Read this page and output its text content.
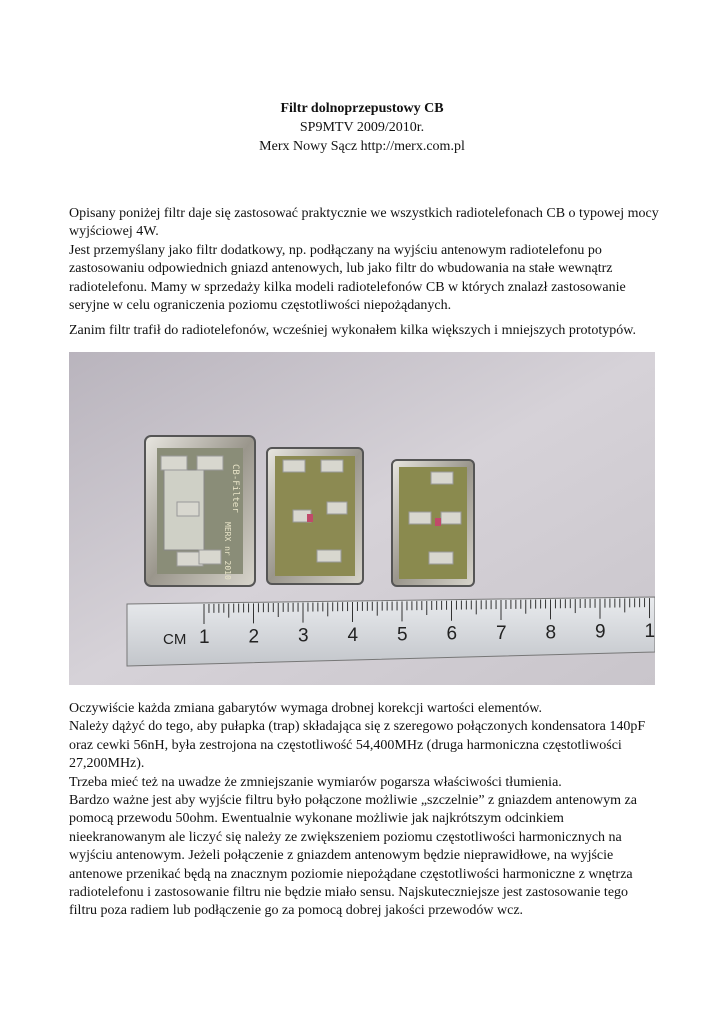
Filtr dolnoprzepustowy CB
SP9MTV 2009/2010r.
Merx Nowy Sącz http://merx.com.pl
Opisany poniżej filtr daje się zastosować praktycznie we wszystkich radiotelefonach CB o typowej mocy wyjściowej 4W.
Jest przemyślany jako filtr dodatkowy, np. podłączany na wyjściu antenowym radiotelefonu po zastosowaniu odpowiednich gniazd antenowych, lub jako filtr do wbudowania na stałe wewnątrz radiotelefonu. Mamy w sprzedaży kilka modeli radiotelefonów CB w których znalazł zastosowanie seryjne w celu ograniczenia poziomu częstotliwości niepożądanych.
Zanim filtr trafił do radiotelefonów, wcześniej wykonałem kilka większych i mniejszych prototypów.
CB-Filter
MERX nr 2010
CM 1 2 3 4 5 6 7 8 9 1
Oczywiście każda zmiana gabarytów wymaga drobnej korekcji wartości elementów.
Należy dążyć do tego, aby pułapka (trap) składająca się z szeregowo połączonych kondensatora 140pF oraz cewki 56nH, była zestrojona na częstotliwość 54,400MHz (druga harmoniczna częstotliwości 27,200MHz).
Trzeba mieć też na uwadze że zmniejszanie wymiarów pogarsza właściwości tłumienia.
Bardzo ważne jest aby wyjście filtru było połączone możliwie „szczelnie” z gniazdem antenowym za pomocą przewodu 50ohm. Ewentualnie wykonane możliwie jak najkrótszym odcinkiem nieekranowanym ale liczyć się należy ze zwiększeniem poziomu częstotliwości harmonicznych na wyjściu antenowym. Jeżeli połączenie z gniazdem antenowym będzie nieprawidłowe, na wyjście antenowe przenikać będą na znacznym poziomie niepożądane częstotliwości harmoniczne z wnętrza radiotelefonu i zastosowanie filtru nie będzie miało sensu. Najskuteczniejsze jest zastosowanie tego filtru poza radiem lub podłączenie go za pomocą dobrej jakości przewodów wcz.
